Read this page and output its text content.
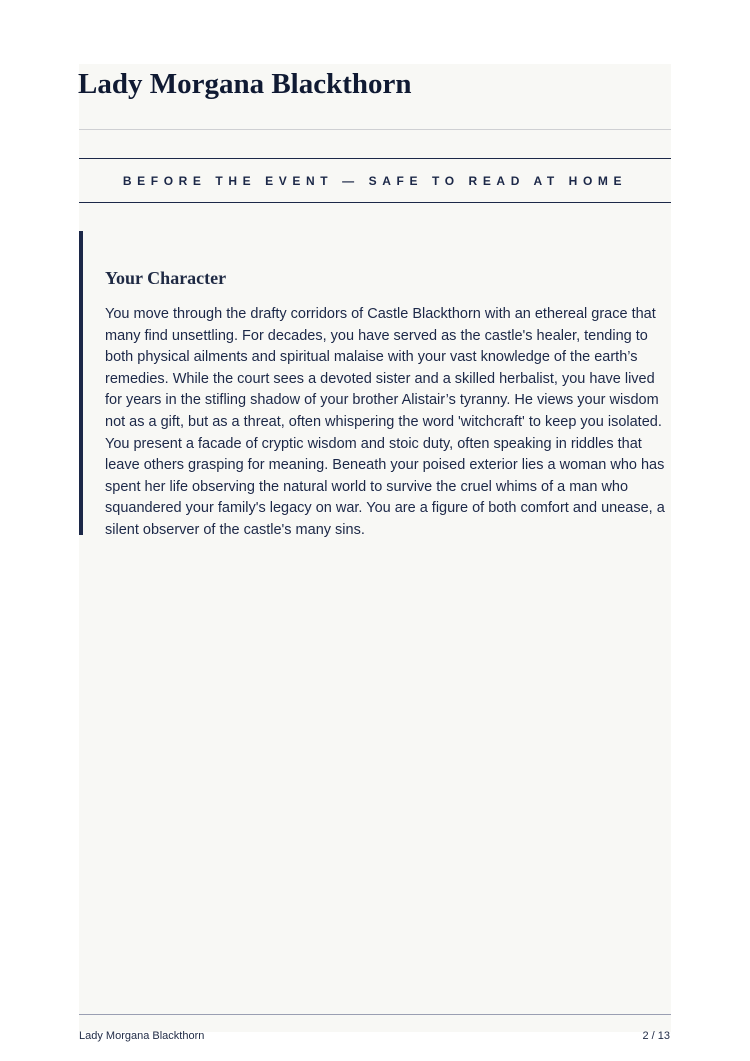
Lady Morgana Blackthorn
BEFORE THE EVENT — SAFE TO READ AT HOME
Your Character

You move through the drafty corridors of Castle Blackthorn with an ethereal grace that many find unsettling. For decades, you have served as the castle's healer, tending to both physical ailments and spiritual malaise with your vast knowledge of the earth’s remedies. While the court sees a devoted sister and a skilled herbalist, you have lived for years in the stifling shadow of your brother Alistair’s tyranny. He views your wisdom not as a gift, but as a threat, often whispering the word 'witchcraft' to keep you isolated. You present a facade of cryptic wisdom and stoic duty, often speaking in riddles that leave others grasping for meaning. Beneath your poised exterior lies a woman who has spent her life observing the natural world to survive the cruel whims of a man who squandered your family's legacy on war. You are a figure of both comfort and unease, a silent observer of the castle's many sins.

Lady Morgana Blackthorn	2 / 13
